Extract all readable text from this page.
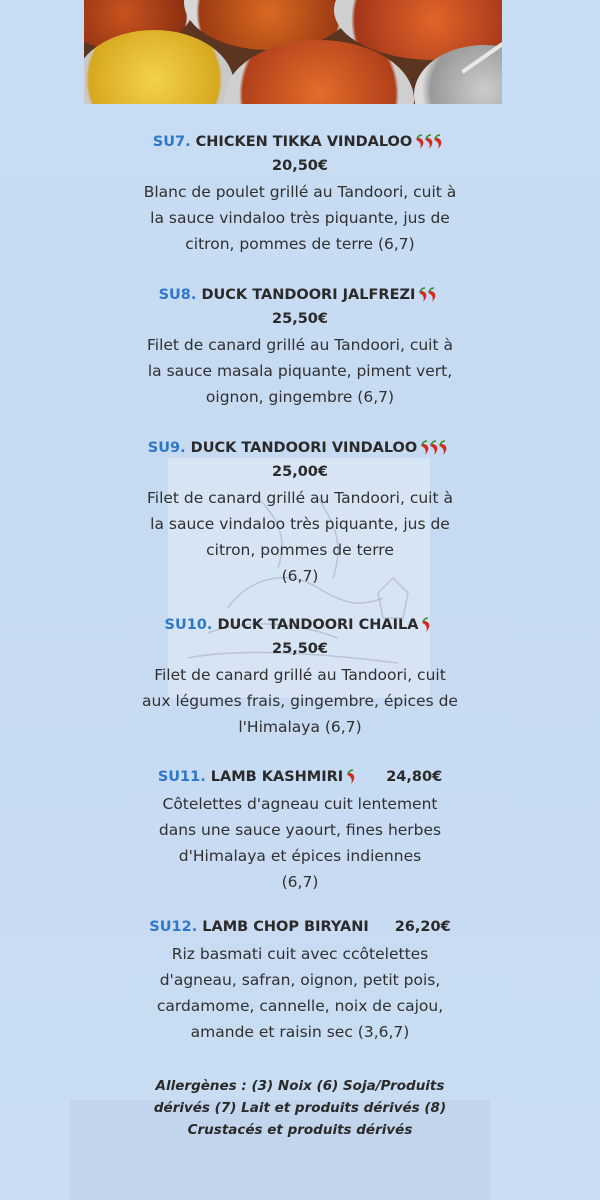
SU7. CHICKEN TIKKA VINDALOO
20,50€
Blanc de poulet grillé au Tandoori, cuit à
la sauce vindaloo très piquante, jus de
citron, pommes de terre (6,7)
SU8. DUCK TANDOORI JALFREZI
25,50€
Filet de canard grillé au Tandoori, cuit à
la sauce masala piquante, piment vert,
oignon, gingembre (6,7)
SU9. DUCK TANDOORI VINDALOO
25,00€
Filet de canard grillé au Tandoori, cuit à
la sauce vindaloo très piquante, jus de
citron, pommes de terre
(6,7)
SU10. DUCK TANDOORI CHAILA
25,50€
Filet de canard grillé au Tandoori, cuit
aux légumes frais, gingembre, épices de
l'Himalaya (6,7)
SU11. LAMB KASHMIRI	24,80€
Côtelettes d'agneau cuit lentement
dans une sauce yaourt, fines herbes
d'Himalaya et épices indiennes
(6,7)
SU12. LAMB CHOP BIRYANI 26,20€
Riz basmati cuit avec ccôtelettes
d'agneau, safran, oignon, petit pois,
cardamome, cannelle, noix de cajou,
amande et raisin sec (3,6,7)
Allergènes : (3) Noix (6) Soja/Produits
dérivés (7) Lait et produits dérivés (8)
Crustacés et produits dérivés
